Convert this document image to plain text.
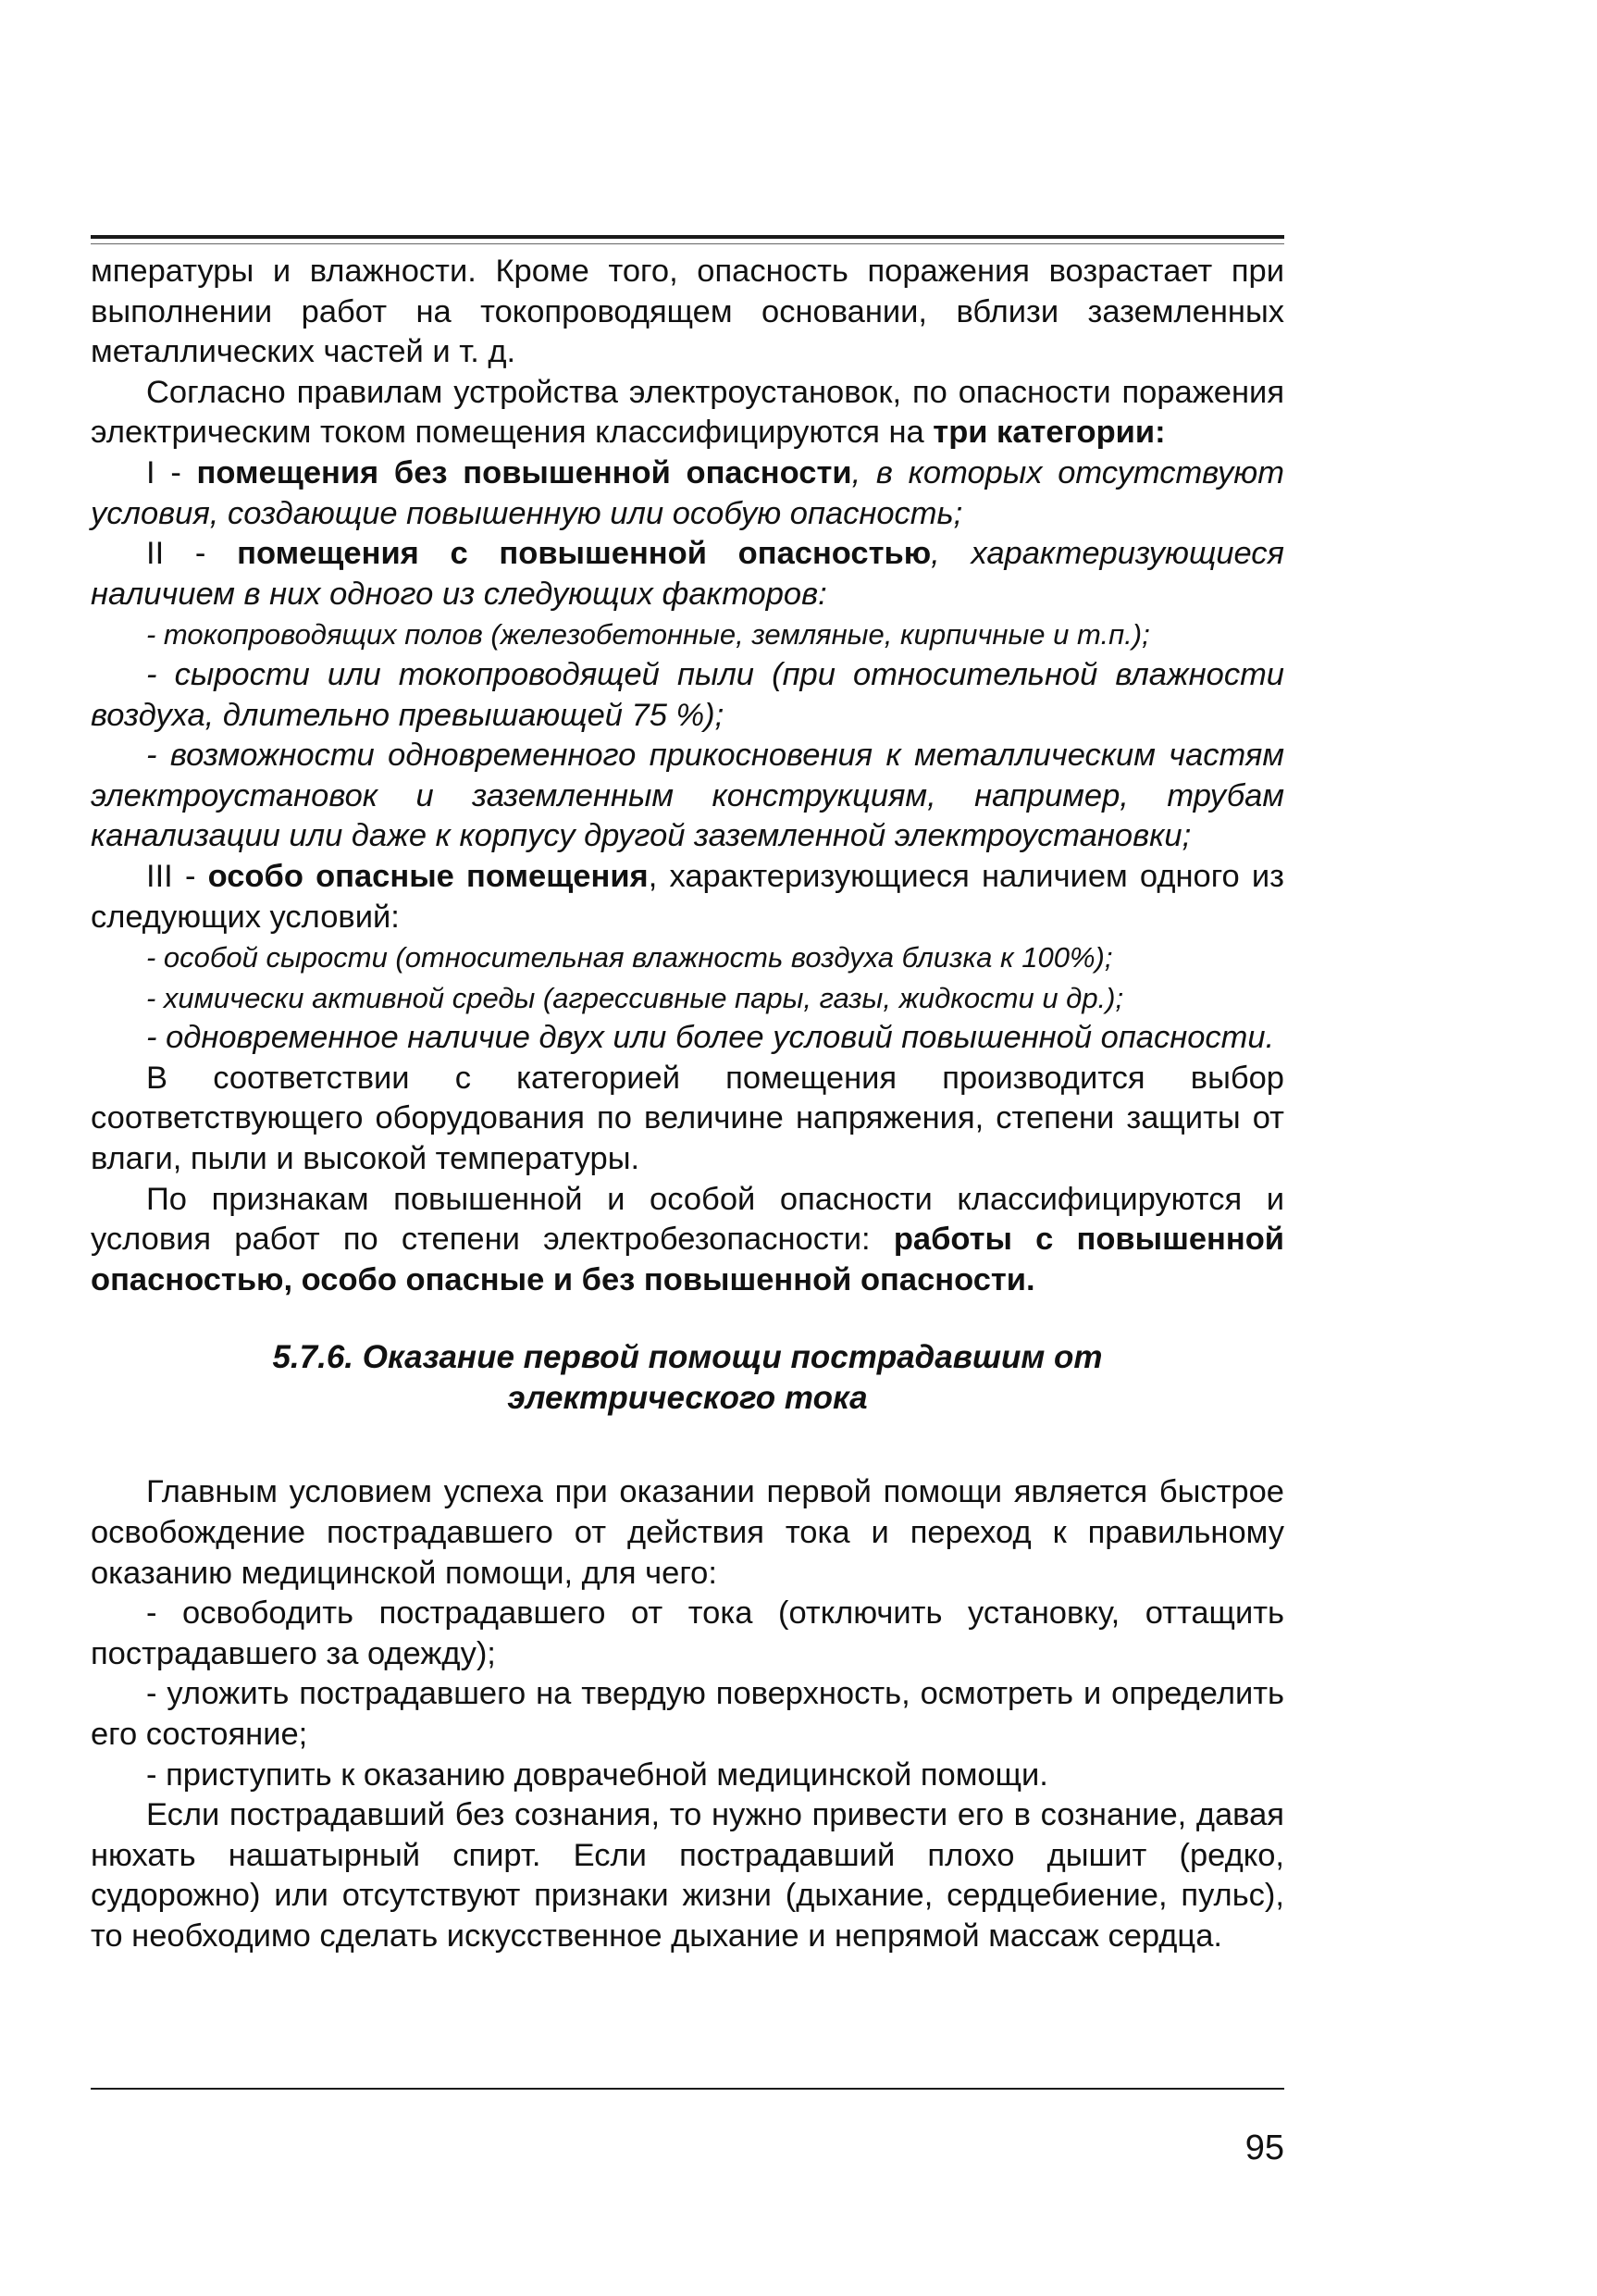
мпературы и влажности. Кроме того, опасность поражения возрастает при выполнении работ на токопроводящем основании, вблизи заземленных металлических частей и т. д.

Согласно правилам устройства электроустановок, по опасности поражения электрическим током помещения классифицируются на три категории:

I - помещения без повышенной опасности, в которых отсутствуют условия, создающие повышенную или особую опасность;

II - помещения с повышенной опасностью, характеризующиеся наличием в них одного из следующих факторов:

- токопроводящих полов (железобетонные, земляные, кирпичные и т.п.);

- сырости или токопроводящей пыли (при относительной влажности воздуха, длительно превышающей 75 %);

- возможности одновременного прикосновения к металлическим частям электроустановок и заземленным конструкциям, например, трубам канализации или даже к корпусу другой заземленной электроустановки;

III - особо опасные помещения, характеризующиеся наличием одного из следующих условий:

- особой сырости (относительная влажность воздуха близка к 100%);

- химически активной среды (агрессивные пары, газы, жидкости и др.);

- одновременное наличие двух или более условий повышенной опасности.

В соответствии с категорией помещения производится выбор соответствующего оборудования по величине напряжения, степени защиты от влаги, пыли и высокой температуры.

По признакам повышенной и особой опасности классифицируются и условия работ по степени электробезопасности: работы с повышенной опасностью, особо опасные и без повышенной опасности.

5.7.6. Оказание первой помощи пострадавшим от
электрического тока

Главным условием успеха при оказании первой помощи является быстрое освобождение пострадавшего от действия тока и переход к правильному оказанию медицинской помощи, для чего:

- освободить пострадавшего от тока (отключить установку, оттащить пострадавшего за одежду);

- уложить пострадавшего на твердую поверхность, осмотреть и определить его состояние;

- приступить к оказанию доврачебной медицинской помощи.

Если пострадавший без сознания, то нужно привести его в сознание, давая нюхать нашатырный спирт. Если пострадавший плохо дышит (редко, судорожно) или отсутствуют признаки жизни (дыхание, сердцебиение, пульс), то необходимо сделать искусственное дыхание и непрямой массаж сердца.

95
